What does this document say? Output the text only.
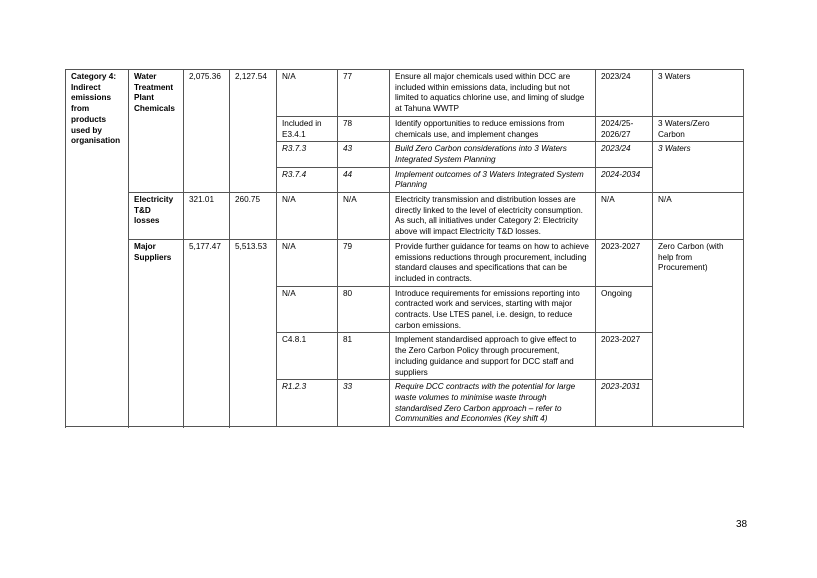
Category 4: Indirect emissions from products used by organisation	Water Treatment Plant Chemicals	2,075.36	2,127.54	N/A	77	Ensure all major chemicals used within DCC are included within emissions data, including but not limited to aquatics chlorine use, and liming of sludge at Tahuna WWTP	2023/24	3 Waters
				Included in E3.4.1	78	Identify opportunities to reduce emissions from chemicals use, and implement changes	2024/25-2026/27	3 Waters/Zero Carbon
				R3.7.3	43	Build Zero Carbon considerations into 3 Waters Integrated System Planning	2023/24	3 Waters
				R3.7.4	44	Implement outcomes of 3 Waters Integrated System Planning	2024-2034	
	Electricity T&D losses	321.01	260.75	N/A	N/A	Electricity transmission and distribution losses are directly linked to the level of electricity consumption. As such, all initiatives under Category 2: Electricity above will impact Electricity T&D losses.	N/A	N/A
	Major Suppliers	5,177.47	5,513.53	N/A	79	Provide further guidance for teams on how to achieve emissions reductions through procurement, including standard clauses and specifications that can be included in contracts.	2023-2027	Zero Carbon (with help from Procurement)
				N/A	80	Introduce requirements for emissions reporting into contracted work and services, starting with major contracts. Use LTES panel, i.e. design, to reduce carbon emissions.	Ongoing	
				C4.8.1	81	Implement standardised approach to give effect to the Zero Carbon Policy through procurement, including guidance and support for DCC staff and suppliers	2023-2027	
				R1.2.3	33	Require DCC contracts with the potential for large waste volumes to minimise waste through standardised Zero Carbon approach – refer to Communities and Economies (Key shift 4)	2023-2031	

38
